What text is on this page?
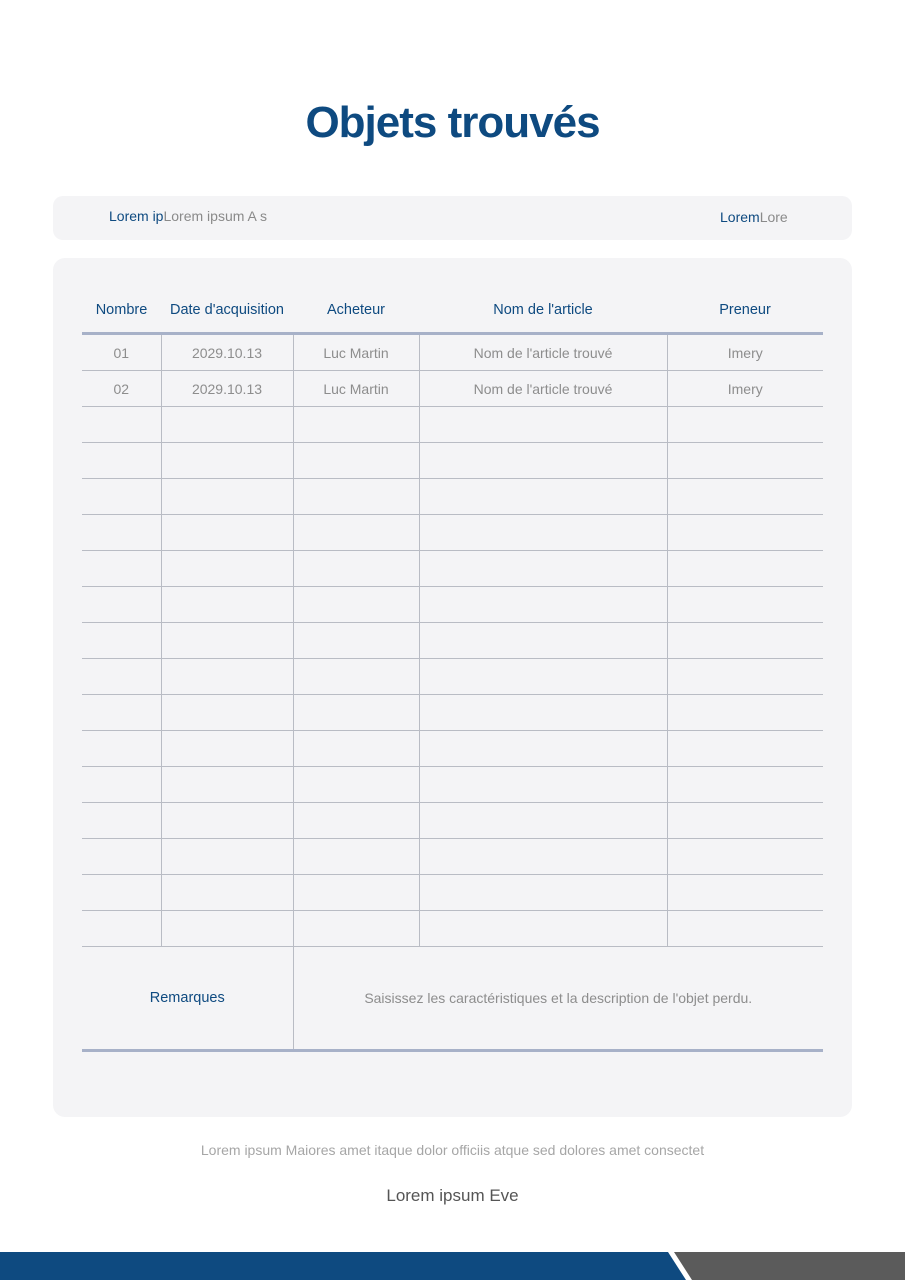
Objets trouvés
Lorem ipLorem ipsum A s	LoremLore
Nombre	Date d'acquisition	Acheteur	Nom de l'article	Preneur
01	2029.10.13	Luc Martin	Nom de l'article trouvé	Imery
02	2029.10.13	Luc Martin	Nom de l'article trouvé	Imery

Remarques		Saisissez les caractéristiques et la description de l'objet perdu.		
Lorem ipsum Maiores amet itaque dolor officiis atque sed dolores amet consectet
Lorem ipsum Eve
